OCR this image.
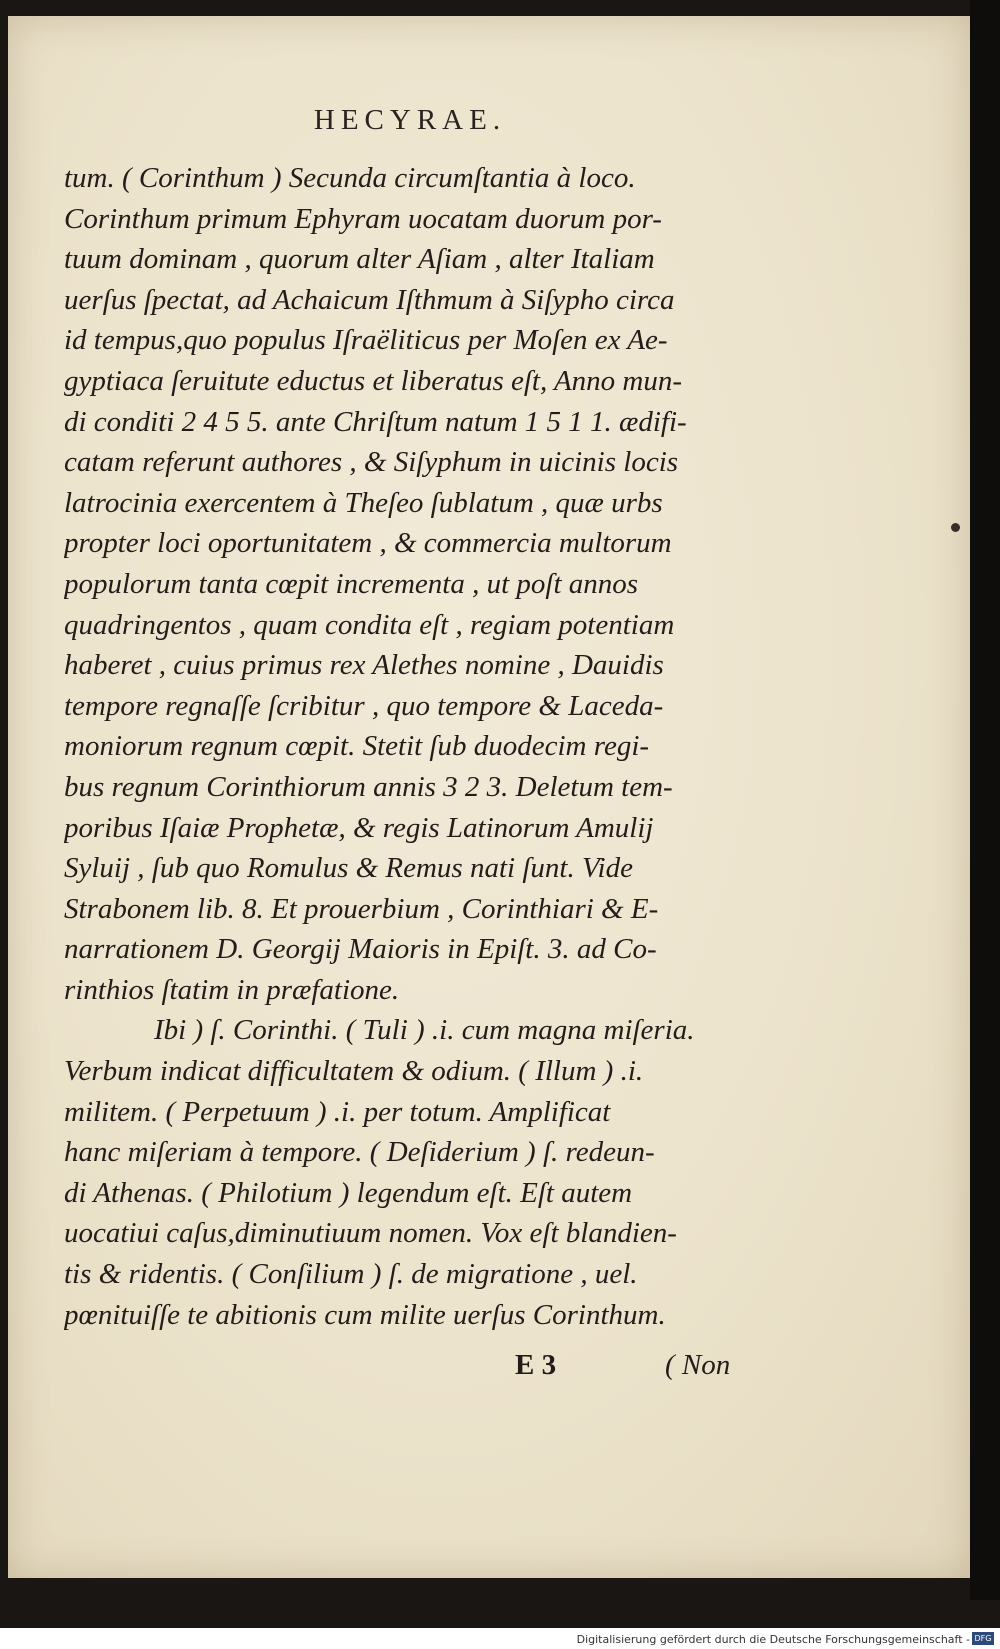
HECYRAE.
tum. ( Corinthum ) Secunda circumſtantia à loco.
Corinthum primum Ephyram uocatam duorum por-
tuum dominam , quorum alter Aſiam , alter Italiam
uerſus ſpectat, ad Achaicum Iſthmum à Siſypho circa
id tempus,quo populus Iſraëliticus per Moſen ex Ae-
gyptiaca ſeruitute eductus et liberatus eſt, Anno mun-
di conditi 2 4 5 5. ante Chriſtum natum 1 5 1 1. ædifi-
catam referunt authores , & Siſyphum in uicinis locis
latrocinia exercentem à Theſeo ſublatum , quæ urbs
propter loci oportunitatem , & commercia multorum
populorum tanta cœpit incrementa , ut poſt annos
quadringentos , quam condita eſt , regiam potentiam
haberet , cuius primus rex Alethes nomine , Dauidis
tempore regnaſſe ſcribitur , quo tempore & Laceda-
moniorum regnum cœpit. Stetit ſub duodecim regi-
bus regnum Corinthiorum annis 3 2 3. Deletum tem-
poribus Iſaiæ Prophetæ, & regis Latinorum Amulij
Syluij , ſub quo Romulus & Remus nati ſunt. Vide
Strabonem lib. 8. Et prouerbium , Corinthiari & E-
narrationem D. Georgij Maioris in Epiſt. 3. ad Co-
rinthios ſtatim in præfatione.
Ibi ) ſ. Corinthi. ( Tuli ) .i. cum magna miſeria.
Verbum indicat difficultatem & odium. ( Illum ) .i.
militem. ( Perpetuum ) .i. per totum. Amplificat
hanc miſeriam à tempore. ( Deſiderium ) ſ. redeun-
di Athenas. ( Philotium ) legendum eſt. Eſt autem
uocatiui caſus,diminutiuum nomen. Vox eſt blandien-
tis & ridentis. ( Conſilium ) ſ. de migratione , uel.
pœnituiſſe te abitionis cum milite uerſus Corinthum.
E 3	( Non
Digitalisierung gefördert durch die Deutsche Forschungsgemeinschaft - DFG
